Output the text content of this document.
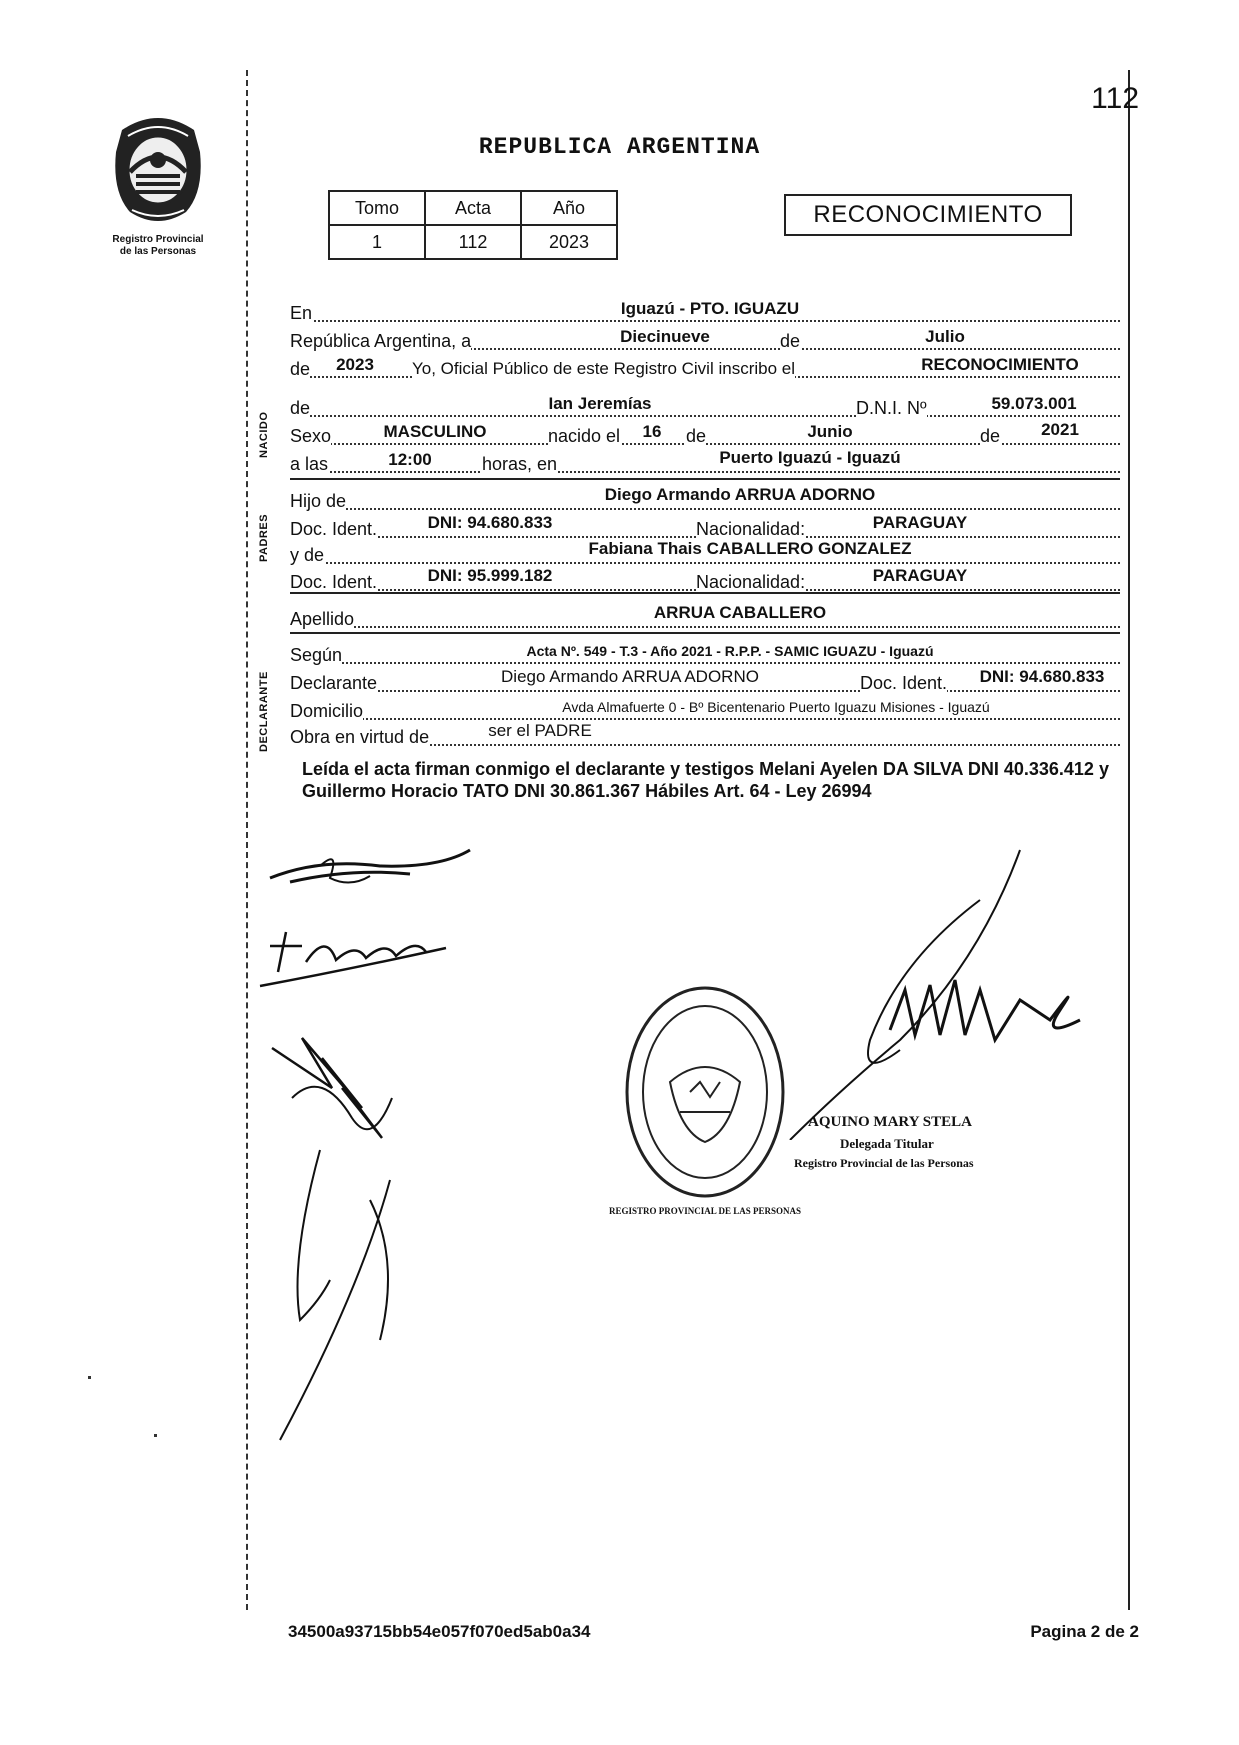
112
Registro Provincial
de las Personas
REPUBLICA ARGENTINA
Tomo	Acta	Año
1	112	2023
RECONOCIMIENTO
NACIDO
PADRES
DECLARANTE
En	Iguazú - PTO. IGUAZU
República Argentina, a	Diecinueve	de	Julio
de	2023	Yo, Oficial Público de este Registro Civil inscribo el	RECONOCIMIENTO
de	Ian Jeremías	D.N.I. Nº	59.073.001
Sexo	MASCULINO	nacido el	16	de	Junio	de	2021
a las	12:00	horas, en	Puerto Iguazú - Iguazú
Hijo de	Diego Armando ARRUA ADORNO
Doc. Ident.	DNI: 94.680.833	Nacionalidad:	PARAGUAY
y de	Fabiana Thais CABALLERO GONZALEZ
Doc. Ident.	DNI: 95.999.182	Nacionalidad:	PARAGUAY
Apellido	ARRUA CABALLERO
Según	Acta Nº. 549 - T.3 - Año 2021 - R.P.P. - SAMIC IGUAZU - Iguazú
Declarante	Diego Armando ARRUA ADORNO	Doc. Ident.	DNI: 94.680.833
Domicilio	Avda Almafuerte 0 - Bº Bicentenario Puerto Iguazu Misiones - Iguazú
Obra en virtud de	ser el PADRE
Leída el acta firman conmigo el declarante y testigos Melani Ayelen DA SILVA DNI 40.336.412 y Guillermo Horacio TATO DNI 30.861.367 Hábiles Art. 64 - Ley 26994
REGISTRO PROVINCIAL DE LAS PERSONAS
AQUINO MARY STELA
Delegada Titular
Registro Provincial de las Personas
34500a93715bb54e057f070ed5ab0a34	Pagina 2 de 2
